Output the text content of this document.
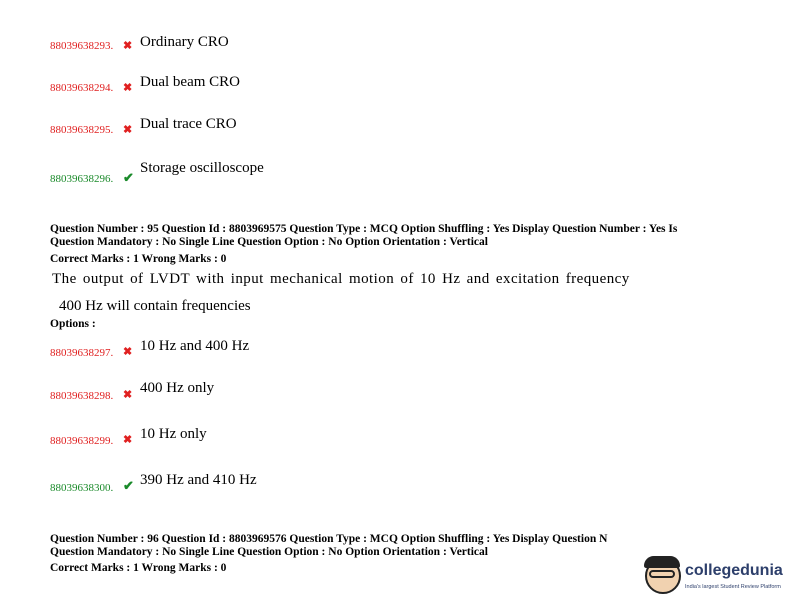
88039638293. ✖ Ordinary CRO
88039638294. ✖ Dual beam CRO
88039638295. ✖ Dual trace CRO
88039638296. ✔
Storage oscilloscope
Question Number : 95 Question Id : 8803969575 Question Type : MCQ Option Shuffling : Yes Display Question Number : Yes Is
Question Mandatory : No Single Line Question Option : No Option Orientation : Vertical
Correct Marks : 1 Wrong Marks : 0
The output of LVDT with input mechanical motion of 10 Hz and excitation frequency
400 Hz will contain frequencies
Options :
88039638297. ✖ 10 Hz and 400 Hz
88039638298. ✖ 400 Hz only
88039638299. ✖ 10 Hz only
88039638300. ✔ 390 Hz and 410 Hz
Question Number : 96 Question Id : 8803969576 Question Type : MCQ Option Shuffling : Yes Display Question N
Question Mandatory : No Single Line Question Option : No Option Orientation : Vertical
Correct Marks : 1 Wrong Marks : 0	collegedunia
India's largest Student Review Platform
